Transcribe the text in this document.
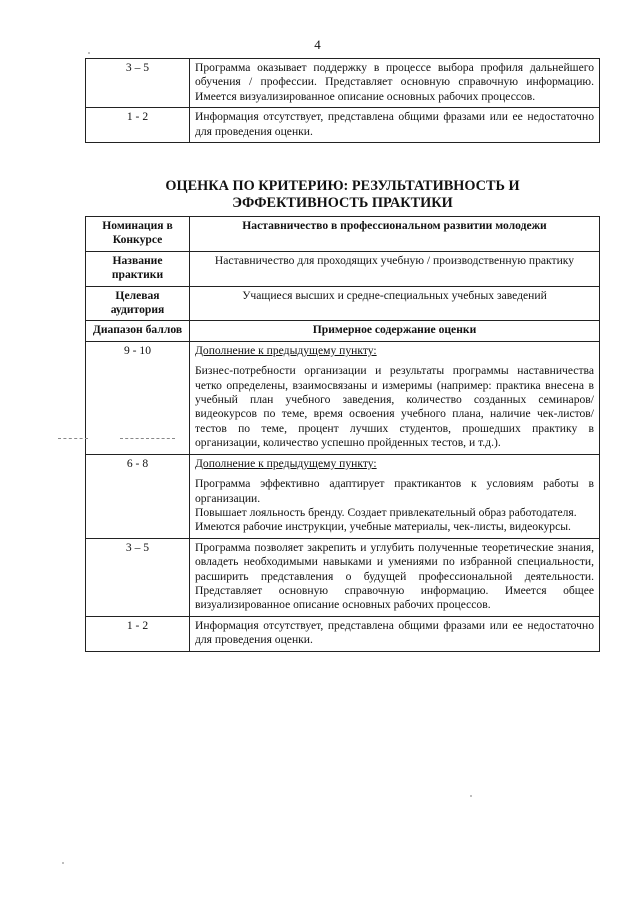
4
3 – 5	Программа оказывает поддержку в процессе выбора профиля дальнейшего обучения / профессии. Представляет основную справочную информацию. Имеется визуализированное описание основных рабочих процессов.
1 - 2	Информация отсутствует, представлена общими фразами или ее недостаточно для проведения оценки.
ОЦЕНКА ПО КРИТЕРИЮ: РЕЗУЛЬТАТИВНОСТЬ И
ЭФФЕКТИВНОСТЬ ПРАКТИКИ
Номинация в Конкурсе	Наставничество в профессиональном развитии молодежи
Название практики	Наставничество для проходящих учебную / производственную практику
Целевая аудитория	Учащиеся высших и средне-специальных учебных заведений
Диапазон баллов	Примерное содержание оценки
9 - 10	Дополнение к предыдущему пункту:
Бизнес-потребности организации и результаты программы наставничества четко определены, взаимосвязаны и измеримы (например: практика внесена в учебный план учебного заведения, количество созданных семинаров/видеокурсов по теме, время освоения учебного плана, наличие чек-листов/тестов по теме, процент лучших студентов, прошедших практику в организации, количество успешно пройденных тестов, и т.д.).

6 - 8	Дополнение к предыдущему пункту:
Программа эффективно адаптирует практикантов к условиям работы в организации.
Повышает лояльность бренду. Создает привлекательный образ работодателя.
Имеются рабочие инструкции, учебные материалы, чек-листы, видеокурсы.

3 – 5	Программа позволяет закрепить и углубить полученные теоретические знания, овладеть необходимыми навыками и умениями по избранной специальности, расширить представления о будущей профессиональной деятельности. Представляет основную справочную информацию. Имеется общее визуализированное описание основных рабочих процессов.
1 - 2	Информация отсутствует, представлена общими фразами или ее недостаточно для проведения оценки.
